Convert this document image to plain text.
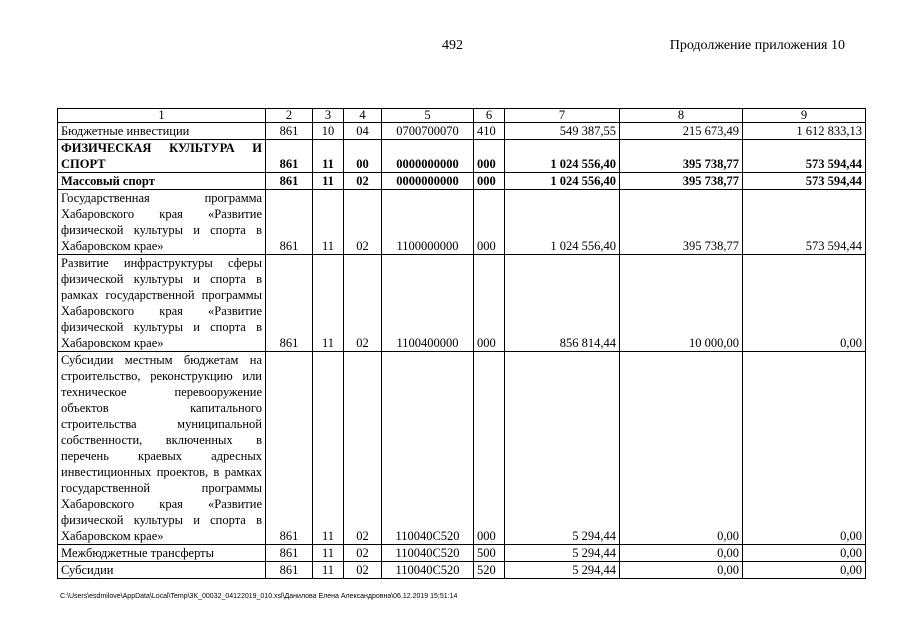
492	Продолжение приложения 10
1	2	3	4	5	6	7	8	9
Бюджетные инвестиции	861	10	04	0700700070	410	549 387,55	215 673,49	1 612 833,13
ФИЗИЧЕСКАЯ КУЛЬТУРА И СПОРТ	861	11	00	0000000000	000	1 024 556,40	395 738,77	573 594,44
Массовый спорт	861	11	02	0000000000	000	1 024 556,40	395 738,77	573 594,44
Государственная программа Хабаровского края «Развитие физической культуры и спорта в Хабаровском крае»	861	11	02	1100000000	000	1 024 556,40	395 738,77	573 594,44
Развитие инфраструктуры сферы физической культуры и спорта в рамках государственной программы Хабаровского края «Развитие физической культуры и спорта в Хабаровском крае»	861	11	02	1100400000	000	856 814,44	10 000,00	0,00
Субсидии местным бюджетам на строительство, реконструкцию или техническое перевооружение объектов капитального строительства муниципальной собственности, включенных в перечень краевых адресных инвестиционных проектов, в рамках государственной программы Хабаровского края «Развитие физической культуры и спорта в Хабаровском крае»	861	11	02	110040С520	000	5 294,44	0,00	0,00
Межбюджетные трансферты	861	11	02	110040С520	500	5 294,44	0,00	0,00
Субсидии	861	11	02	110040С520	520	5 294,44	0,00	0,00
C:\Users\esdmilove\AppData\Local\Temp\3K_00032_04122019_010.xsl\Данилова Елена Александровна\06.12.2019 15:51:14
